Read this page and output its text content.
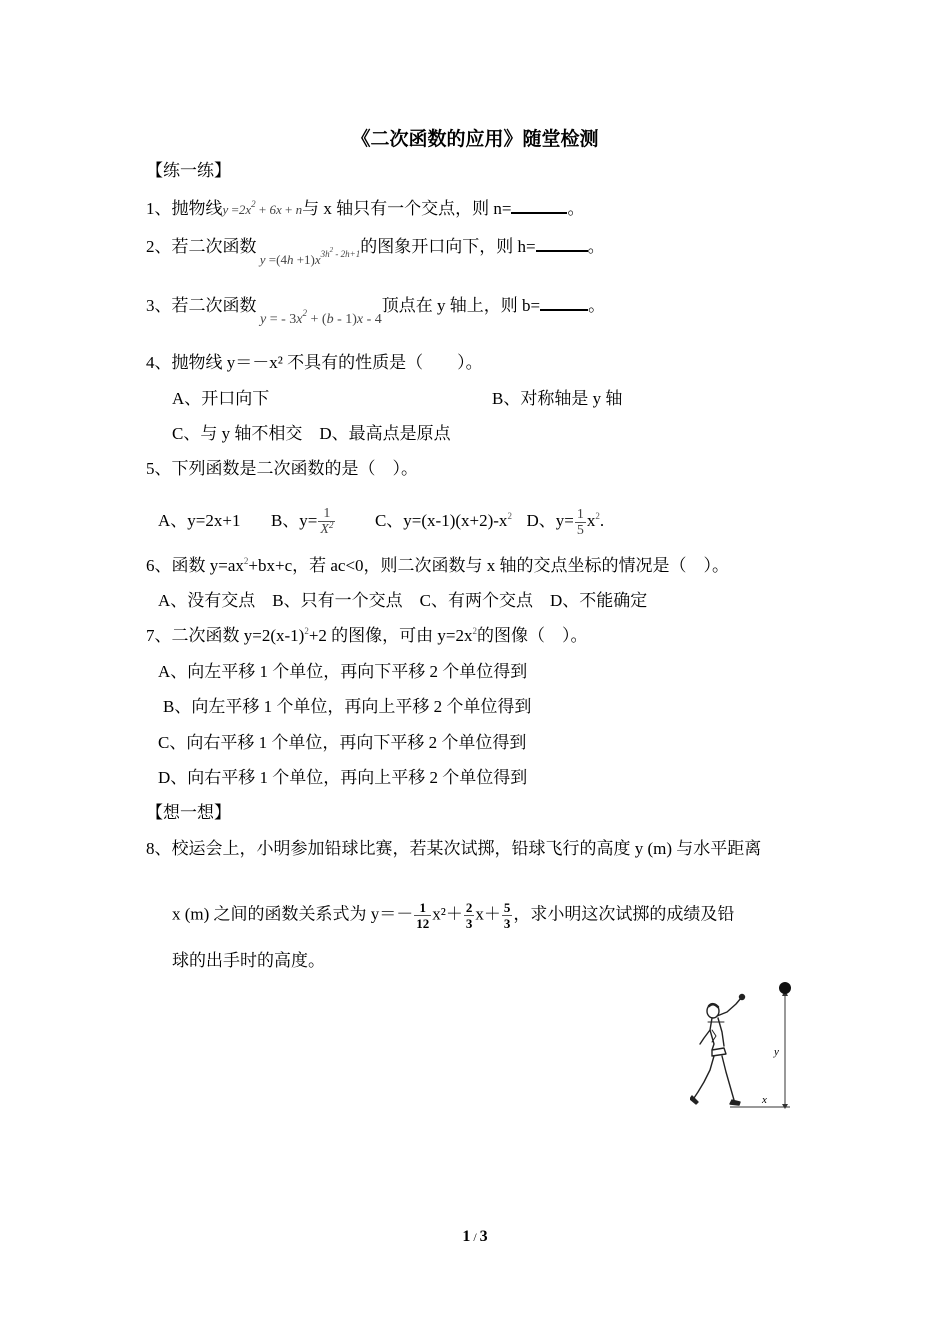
《二次函数的应用》随堂检测
【练一练】
1、抛物线$y =2x^2 + 6x + n$与 x 轴只有一个交点，则 n=	。
2、若二次函数 $_{y =(4h +1)x^{3h^2 - 2h+1}}$的图象开口向下，则 h=	。
3、若二次函数 $_{y = - 3x^2 + (b - 1)x - 4}$顶点在 y 轴上，则 b=	。
4、抛物线 y＝－x² 不具有的性质是（　　）。
A、开口向下	B、对称轴是 y 轴
C、与 y 轴不相交　D、最高点是原点
5、下列函数是二次函数的是（　）。
A、y=2x+1 B、$y= \frac{1}{X^2}$ C、$y=(x-1)(x+2)-x^2$ D、$y= \frac{1}{5} x^2$.
6、函数 $y=ax^2+bx+c$，若 ac<0，则二次函数与 x 轴的交点坐标的情况是（　）。
A、没有交点　B、只有一个交点　C、有两个交点　D、不能确定
7、二次函数 $y=2(x-1)^2+2$ 的图像，可由 $y=2x^2$的图像（　）。
A、向左平移 1 个单位，再向下平移 2 个单位得到
B、向左平移 1 个单位，再向上平移 2 个单位得到
C、向右平移 1 个单位，再向下平移 2 个单位得到
D、向右平移 1 个单位，再向上平移 2 个单位得到
【想一想】
8、校运会上，小明参加铅球比赛，若某次试掷，铅球飞行的高度 y (m) 与水平距离
x (m) 之间的函数关系式为 $y=- \frac{1}{12} x^2+ \frac{2}{3} x+ \frac{5}{3}$ ，求小明这次试掷的成绩及铅
球的出手时的高度。
y
x
1 / 3
